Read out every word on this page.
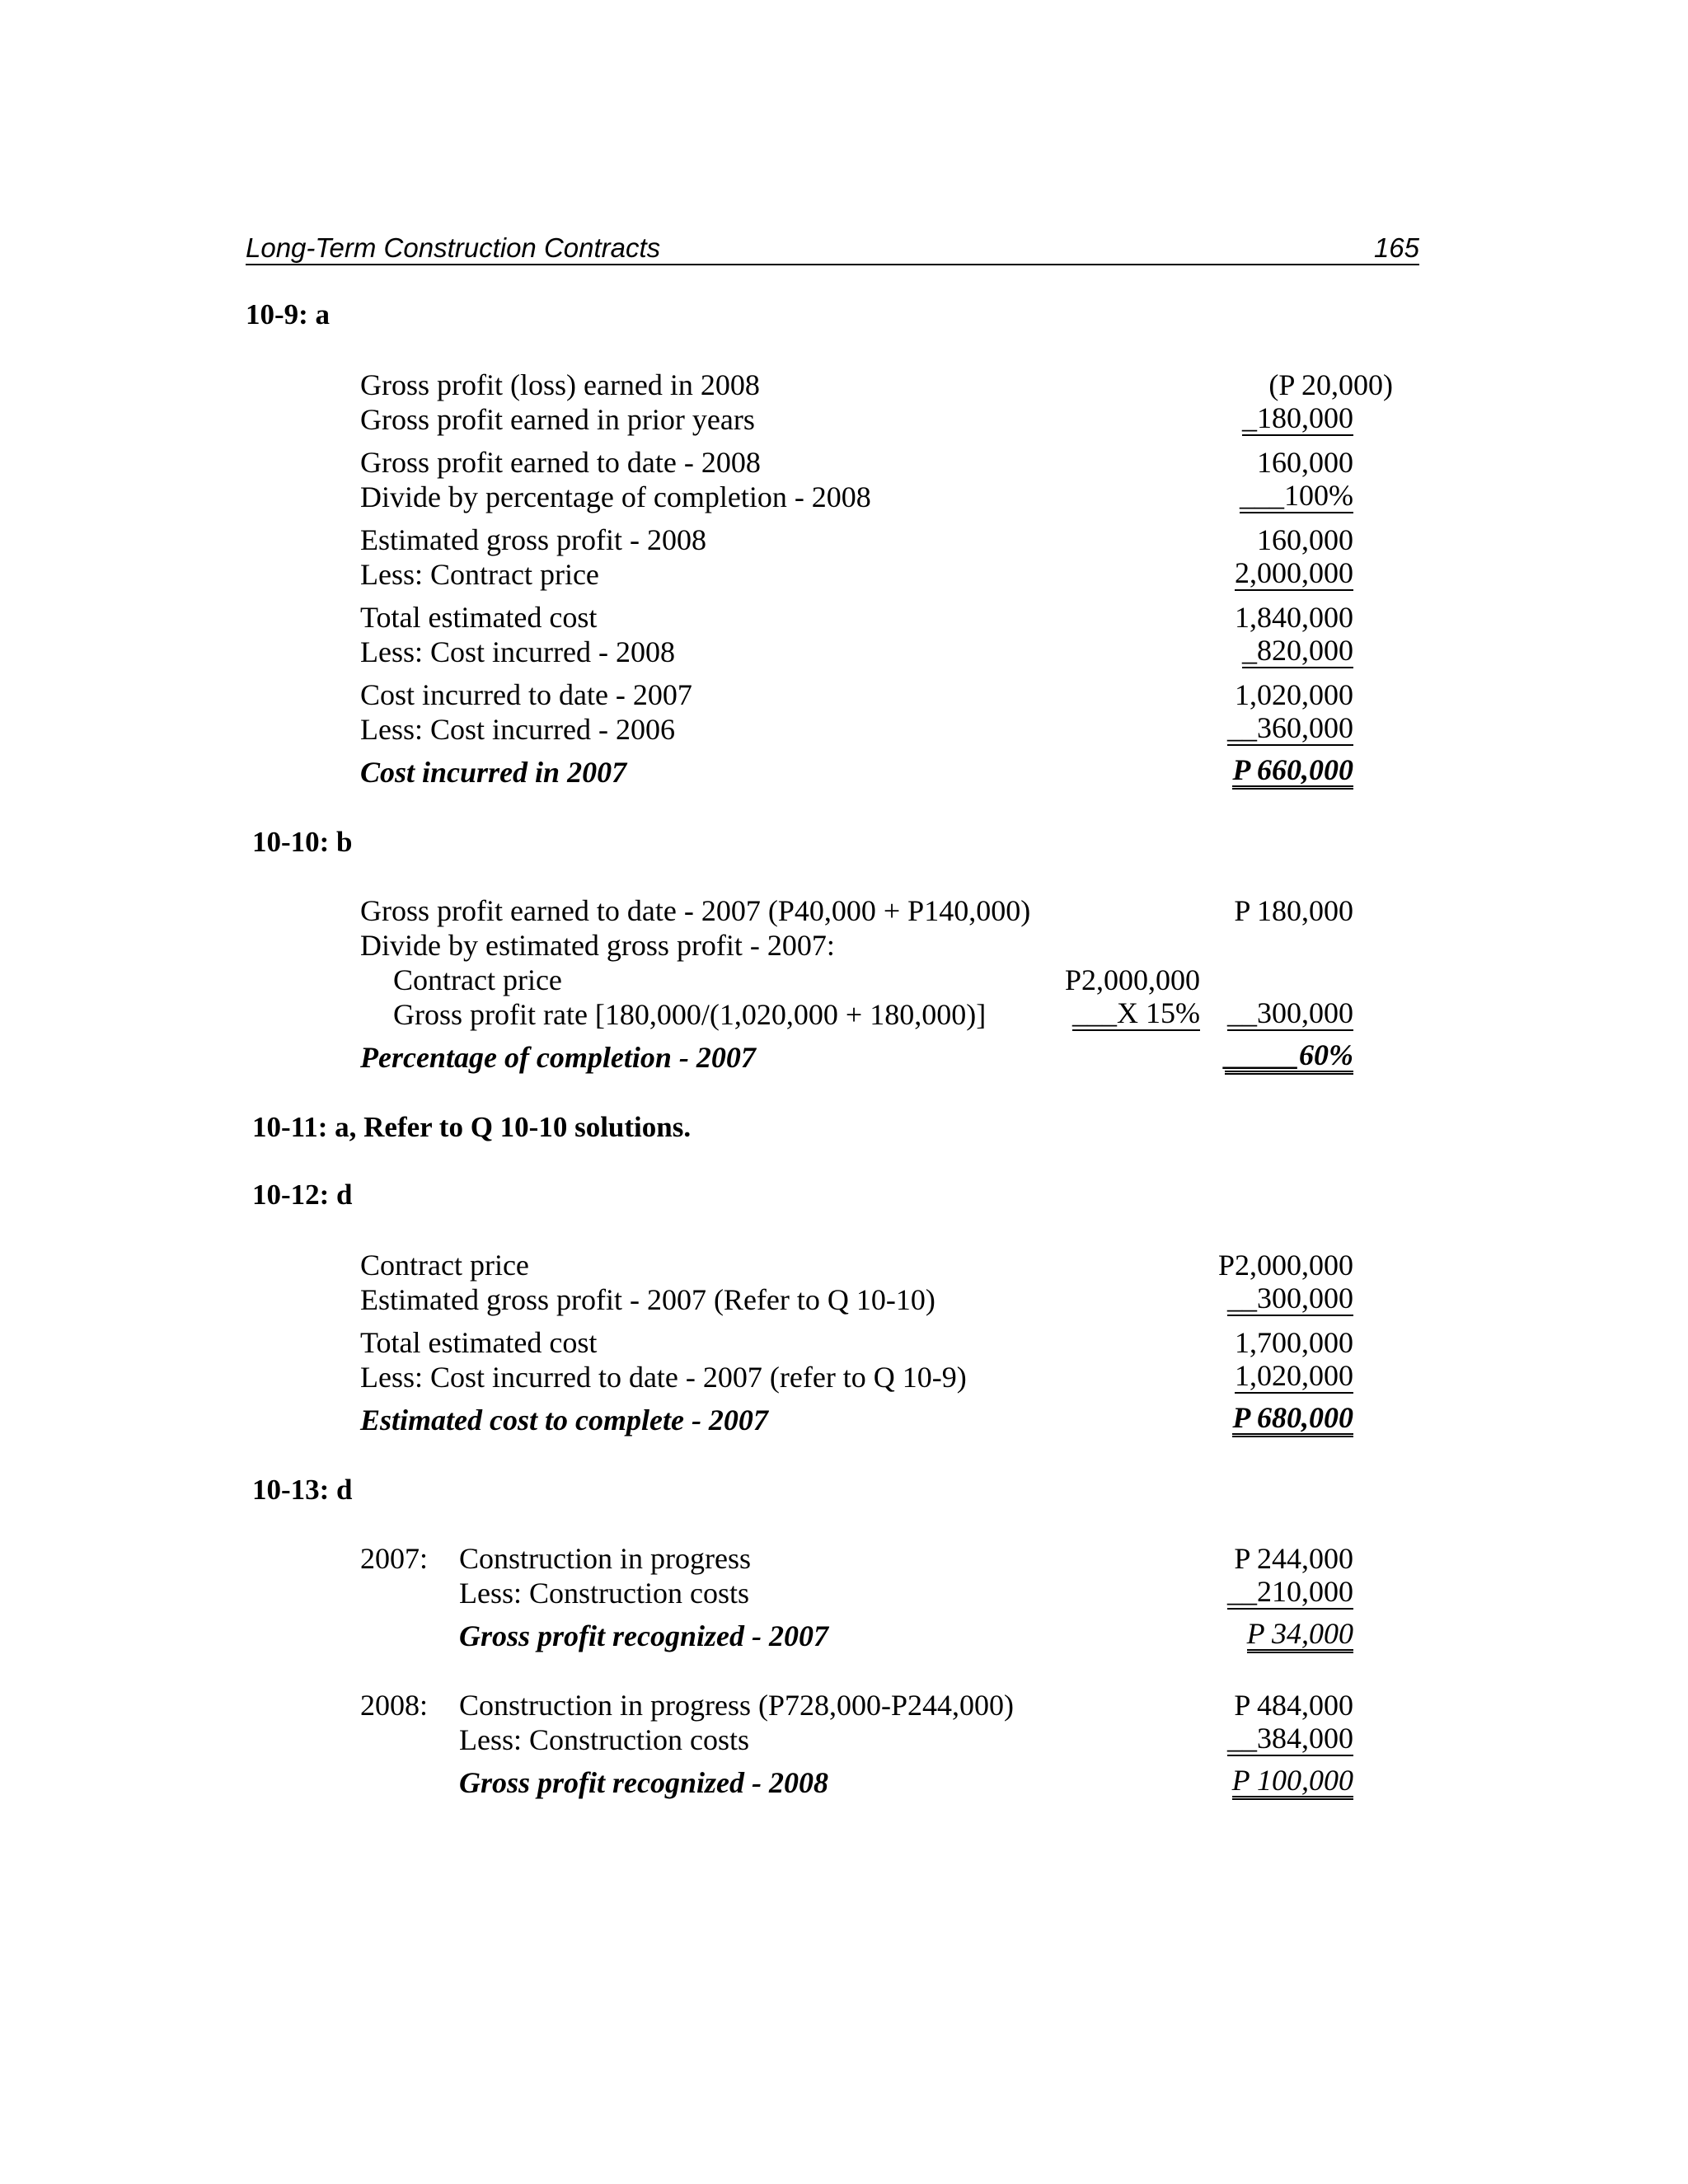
Long-Term Construction Contracts	165
10-9: a
Gross profit (loss) earned in 2008	(P 20,000)
Gross profit earned in prior years	_180,000
Gross profit earned to date - 2008	160,000
Divide by percentage of completion - 2008	___100%
Estimated gross profit - 2008	160,000
Less: Contract price	2,000,000
Total estimated cost	1,840,000
Less: Cost incurred - 2008	_820,000
Cost incurred to date - 2007	1,020,000
Less: Cost incurred - 2006	__360,000
Cost incurred in 2007	P 660,000
10-10: b
Gross profit earned to date - 2007 (P40,000 + P140,000)	P 180,000
Divide by estimated gross profit - 2007:
Contract price	P2,000,000
Gross profit rate [180,000/(1,020,000 + 180,000)]	___X 15% __300,000
Percentage of completion - 2007	_____60%
10-11: a, Refer to Q 10-10 solutions.
10-12: d
Contract price	P2,000,000
Estimated gross profit - 2007 (Refer to Q 10-10)	__300,000
Total estimated cost	1,700,000
Less: Cost incurred to date - 2007 (refer to Q 10-9)	1,020,000
Estimated cost to complete - 2007	P 680,000
10-13: d
2007: Construction in progress	P 244,000
Less: Construction costs	__210,000
Gross profit recognized - 2007	P 34,000
2008: Construction in progress (P728,000-P244,000)	P 484,000
Less: Construction costs	__384,000
Gross profit recognized - 2008	P 100,000
